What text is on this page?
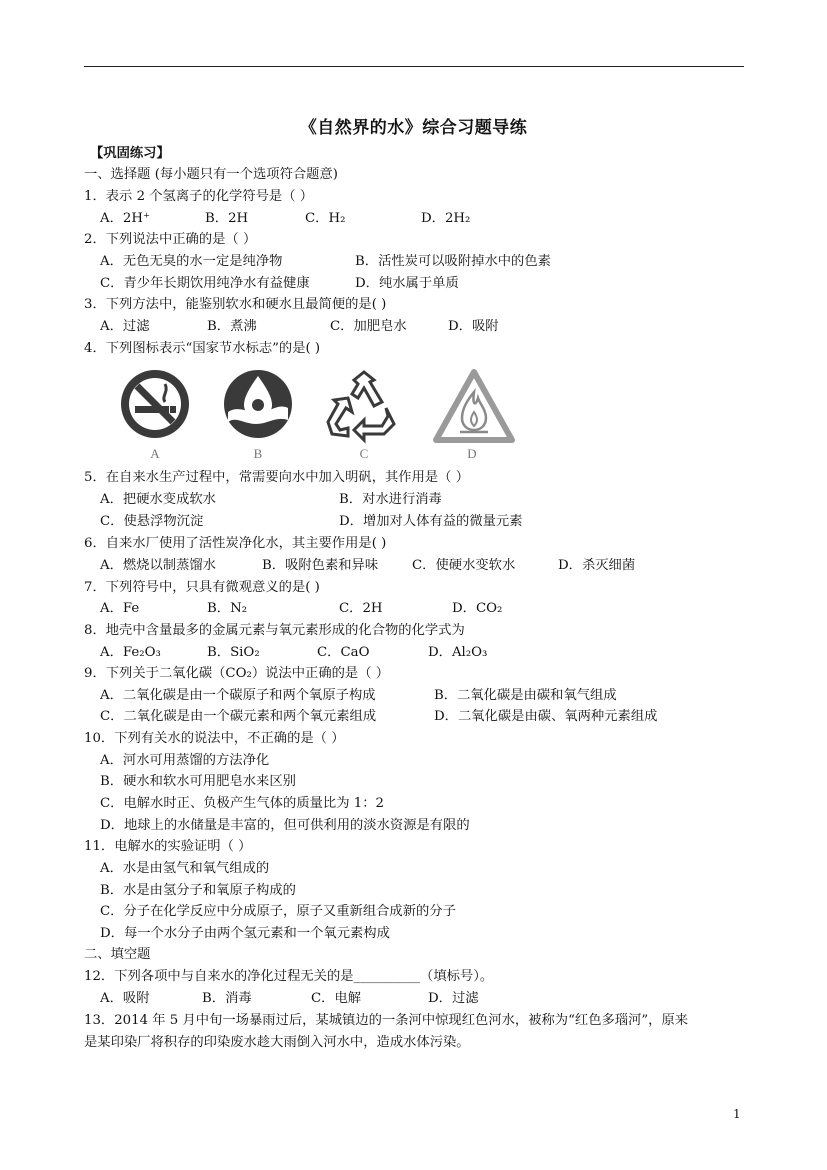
《自然界的水》综合习题导练
【巩固练习】
一、选择题 (每小题只有一个选项符合题意)
1．表示 2 个氢离子的化学符号是（ ）
A．2H⁺	B．2H	C．H₂	D．2H₂
2．下列说法中正确的是（ ）
A．无色无臭的水一定是纯净物	B．活性炭可以吸附掉水中的色素
C．青少年长期饮用纯净水有益健康	D．纯水属于单质
3．下列方法中，能鉴别软水和硬水且最简便的是( )
A．过滤	B．煮沸	C．加肥皂水	D．吸附
4．下列图标表示“国家节水标志”的是( )
A	B	C	D
5．在自来水生产过程中，常需要向水中加入明矾，其作用是（ ）
A．把硬水变成软水	B．对水进行消毒
C．使悬浮物沉淀	D．增加对人体有益的微量元素
6．自来水厂使用了活性炭净化水，其主要作用是( )
A．燃烧以制蒸馏水	B．吸附色素和异味	C．使硬水变软水	D．杀灭细菌
7．下列符号中，只具有微观意义的是( )
A．Fe	B．N₂	C．2H	D．CO₂
8．地壳中含量最多的金属元素与氧元素形成的化合物的化学式为
A．Fe₂O₃	B．SiO₂	C．CaO	D．Al₂O₃
9．下列关于二氧化碳（CO₂）说法中正确的是（ ）
A．二氧化碳是由一个碳原子和两个氧原子构成	B．二氧化碳是由碳和氧气组成
C．二氧化碳是由一个碳元素和两个氧元素组成	D．二氧化碳是由碳、氧两种元素组成
10．下列有关水的说法中，不正确的是（ ）
A．河水可用蒸馏的方法净化
B．硬水和软水可用肥皂水来区别
C．电解水时正、负极产生气体的质量比为 1：2
D．地球上的水储量是丰富的，但可供利用的淡水资源是有限的
11．电解水的实验证明（ ）
A．水是由氢气和氧气组成的
B．水是由氢分子和氧原子构成的
C．分子在化学反应中分成原子，原子又重新组合成新的分子
D．每一个水分子由两个氢元素和一个氧元素构成
二、填空题
12．下列各项中与自来水的净化过程无关的是__________（填标号）。
A．吸附	B．消毒	C．电解	D．过滤
13．2014 年 5 月中旬一场暴雨过后，某城镇边的一条河中惊现红色河水，被称为“红色多瑙河”，原来
是某印染厂将积存的印染废水趁大雨倒入河水中，造成水体污染。
1
